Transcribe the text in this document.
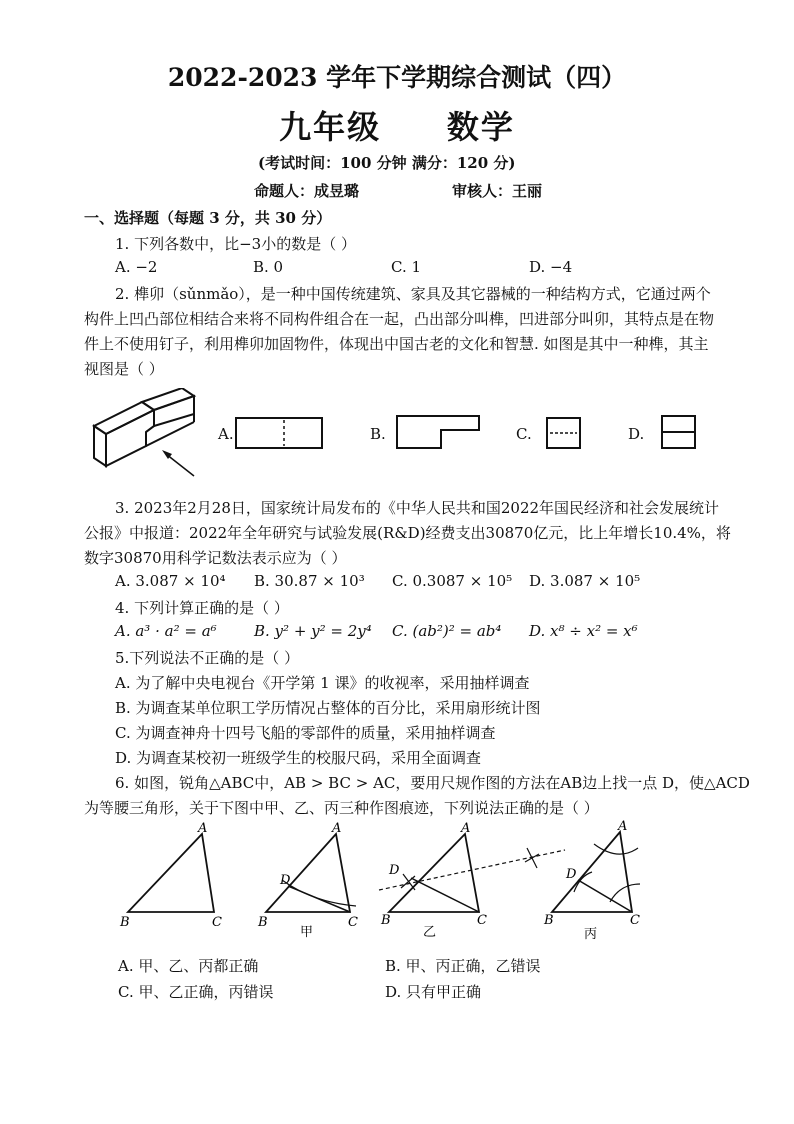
2022-2023 学年下学期综合测试（四）
九年级     数学
(考试时间：100 分钟 满分：120 分)
命题人：成昱璐	审核人：王丽
一、选择题（每题 3 分，共 30 分）
1. 下列各数中，比−3小的数是（ ）
A. −2	B. 0	C. 1	D. −4
2. 榫卯（sǔnmǎo），是一种中国传统建筑、家具及其它器械的一种结构方式，它通过两个
构件上凹凸部位相结合来将不同构件组合在一起，凸出部分叫榫，凹进部分叫卯，其特点是在物
件上不使用钉子，利用榫卯加固物件，体现出中国古老的文化和智慧. 如图是其中一种榫，其主
视图是（ ）
A.	B.	C.	D.
3. 2023年2月28日，国家统计局发布的《中华人民共和国2022年国民经济和社会发展统计
公报》中报道：2022年全年研究与试验发展(R&D)经费支出30870亿元，比上年增长10.4%，将
数字30870用科学记数法表示应为（ ）
A. 3.087 × 10⁴ B. 30.87 × 10³ C. 0.3087 × 10⁵ D. 3.087 × 10⁵
4. 下列计算正确的是（ ）
A. a³ · a² = a⁶ B. y² + y² = 2y⁴ C. (ab²)² = ab⁴ D. x⁸ ÷ x² = x⁶
5.下列说法不正确的是（ ）
A. 为了解中央电视台《开学第 1 课》的收视率，采用抽样调查
B. 为调查某单位职工学历情况占整体的百分比，采用扇形统计图
C. 为调查神舟十四号飞船的零部件的质量，采用抽样调查
D. 为调查某校初一班级学生的校服尺码，采用全面调查
6. 如图，锐角△ABC中，AB > BC > AC，要用尺规作图的方法在AB边上找一点 D，使△ACD
为等腰三角形，关于下图中甲、乙、丙三种作图痕迹，下列说法正确的是（ ）
A
B	C
A
D
B	C
甲
A
D
B	C
乙
A
D
B	C
丙
A. 甲、乙、丙都正确	B. 甲、丙正确，乙错误
C. 甲、乙正确，丙错误	D. 只有甲正确
